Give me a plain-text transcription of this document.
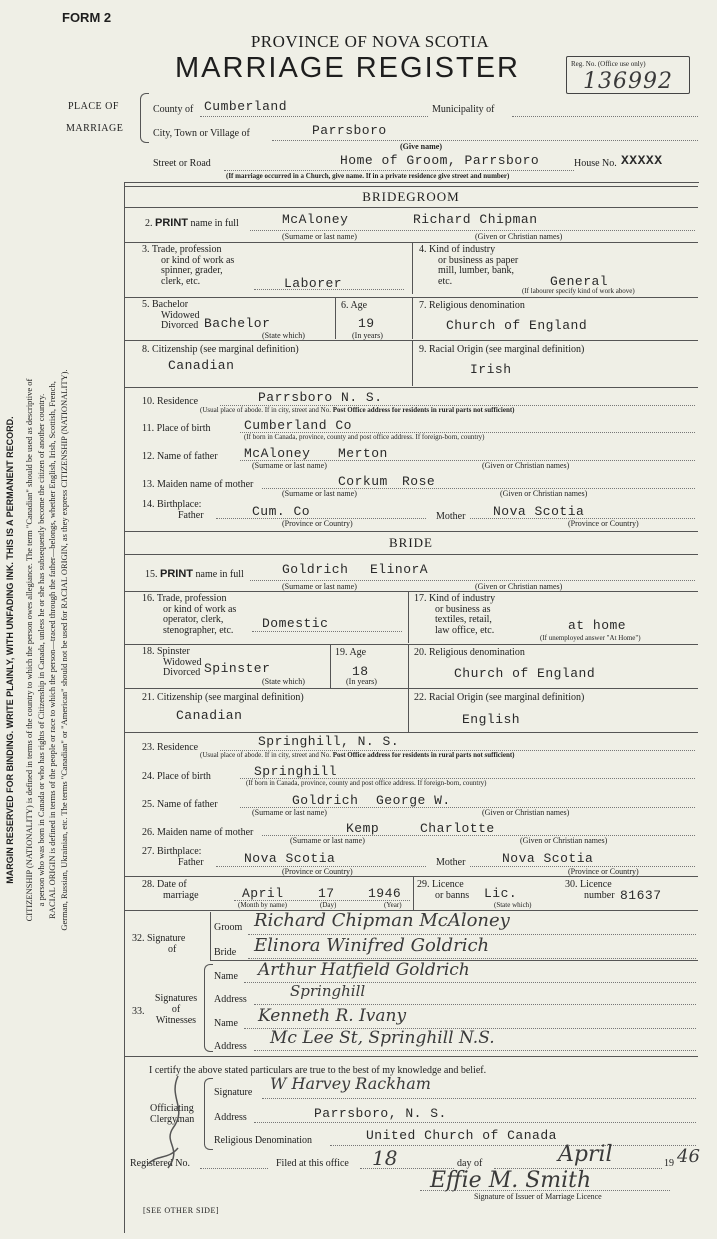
MARGIN RESERVED FOR BINDING. WRITE PLAINLY, WITH UNFADING INK. THIS IS A PERMANENT RECORD. CITIZENSHIP (NATIONALITY) is defined in terms of the country to which the person owes allegiance. The term "Canadian" should be used as descriptive of a person who was born in Canada or who has rights of Citizenship in Canada, unless he or she has subsequently become the citizen of another country. RACIAL ORIGIN is defined in terms of the people or race to which the person—traced through the father—belongs, whether English, Irish, Scottish, French, German, Russian, Ukrainian, etc. The terms "Canadian" or "American" should not be used for RACIAL ORIGIN, as they express CITIZENSHIP (NATIONALITY).
FORM 2
PROVINCE OF NOVA SCOTIA
MARRIAGE REGISTER	Reg. No. (Office use only)
136992
PLACE OF
MARRIAGE
County of Cumberland	Municipality of
City, Town or Village of	Parrsboro
(Give name)
Street or Road	Home of Groom, Parrsboro	House No. XXXXX
(If marriage occurred in a Church, give name. If in a private residence give street and number)
BRIDEGROOM
2. PRINT name in full	McAloney	Richard Chipman
(Surname or last name)	(Given or Christian names)
3. Trade, profession
or kind of work as
spinner, grader,
clerk, etc.	Laborer
4. Kind of industry
or business as paper
mill, lumber, bank,
etc.	General
(If labourer specify kind of work above)
5. Bachelor
Widowed
Divorced Bachelor
(State which)
6. Age
19
(In years)
7. Religious denomination
Church of England
8. Citizenship (see marginal definition)
Canadian
9. Racial Origin (see marginal definition)
Irish
10. Residence	Parrsboro N. S.
(Usual place of abode. If in city, street and No. Post Office address for residents in rural parts not sufficient)
11. Place of birth	Cumberland Co
(If born in Canada, province, county and post office address. If foreign-born, country)
12. Name of father McAloney Merton
(Surname or last name)	(Given or Christian names)
13. Maiden name of mother	Corkum Rose
(Surname or last name)	(Given or Christian names)
14. Birthplace:
Father	Cum. Co
(Province or Country)
Mother Nova Scotia
(Province or Country)
BRIDE
15. PRINT name in full	Goldrich ElinorA
(Surname or last name)	(Given or Christian names)
16. Trade, profession
or kind of work as
operator, clerk,
stenographer, etc. Domestic
17. Kind of industry
or business as
textiles, retail,
law office, etc.	at home
(If unemployed answer "At Home")
18. Spinster
Widowed
Divorced Spinster
(State which)
19. Age
18
(In years)
20. Religious denomination
Church of England
21. Citizenship (see marginal definition)
Canadian
22. Racial Origin (see marginal definition)
English
23. Residence	Springhill, N. S.
(Usual place of abode. If in city, street and No. Post Office address for residents in rural parts not sufficient)
24. Place of birth	Springhill
(If born in Canada, province, county and post office address. If foreign-born, country)
25. Name of father	Goldrich George W.
(Surname or last name)	(Given or Christian names)
26. Maiden name of mother	Kemp	Charlotte
(Surname or last name)	(Given or Christian names)
27. Birthplace:
Father	Nova Scotia
(Province or Country)
Mother	Nova Scotia
(Province or Country)
28. Date of
marriage	April	17	1946
(Month by name)	(Day)	(Year)
29. Licence
or banns Lic.
(State which)
30. Licence
number 81637
32. Signature
of
Groom Richard Chipman McAloney
Bride Elinora Winifred Goldrich
Signatures
of
Witnesses
33.
Name Arthur Hatfield Goldrich
Address	Springhill
Name Kenneth R. Ivany
Address Mc Lee St, Springhill N.S.
I certify the above stated particulars are true to the best of my knowledge and belief.
Officiating
Clergyman
Signature W Harvey Rackham
Address	Parrsboro, N. S.
Religious Denomination	United Church of Canada
Registered No.	Filed at this office 18	day of	April	19 46
Effie M. Smith
Signature of Issuer of Marriage Licence
[SEE OTHER SIDE]
